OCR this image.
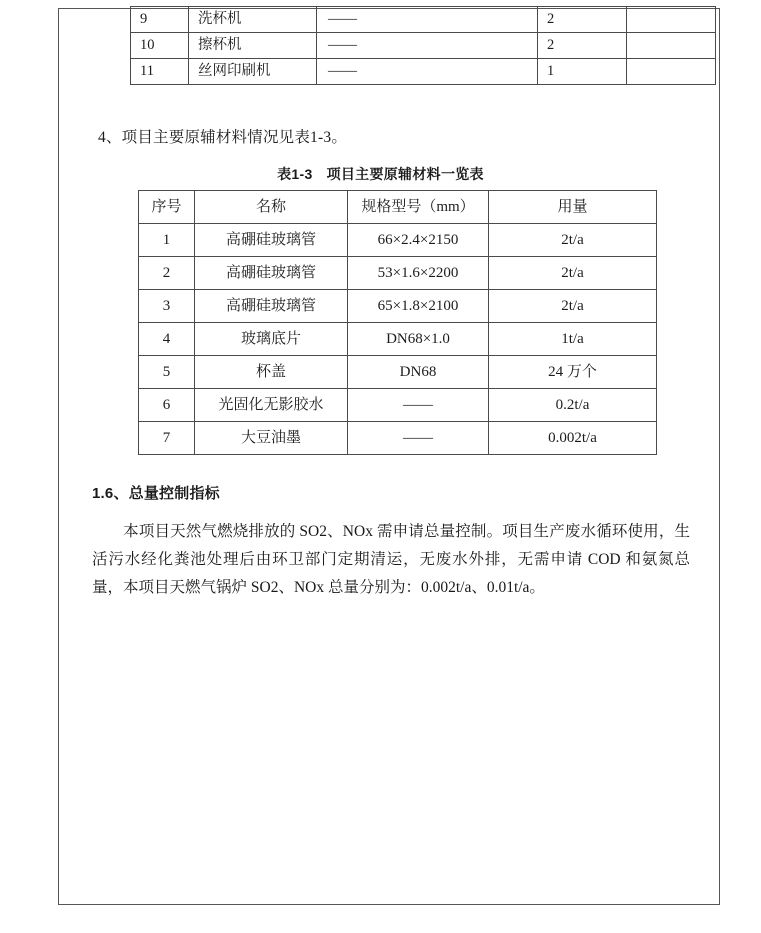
9	洗杯机	——	2	
10	擦杯机	——	2	
11	丝网印刷机	——	1	
4、项目主要原辅材料情况见表1-3。
表1-3 项目主要原辅材料一览表
序号	名称	规格型号（mm）	用量
1	高硼硅玻璃管	66×2.4×2150	2t/a
2	高硼硅玻璃管	53×1.6×2200	2t/a
3	高硼硅玻璃管	65×1.8×2100	2t/a
4	玻璃底片	DN68×1.0	1t/a
5	杯盖	DN68	24 万个
6	光固化无影胶水	——	0.2t/a
7	大豆油墨	——	0.002t/a
1.6、总量控制指标
本项目天然气燃烧排放的 SO2、NOx 需申请总量控制。项目生产废水循环使用，生活污水经化粪池处理后由环卫部门定期清运，无废水外排，无需申请 COD 和氨氮总量，本项目天燃气锅炉 SO2、NOx 总量分别为：0.002t/a、0.01t/a。
